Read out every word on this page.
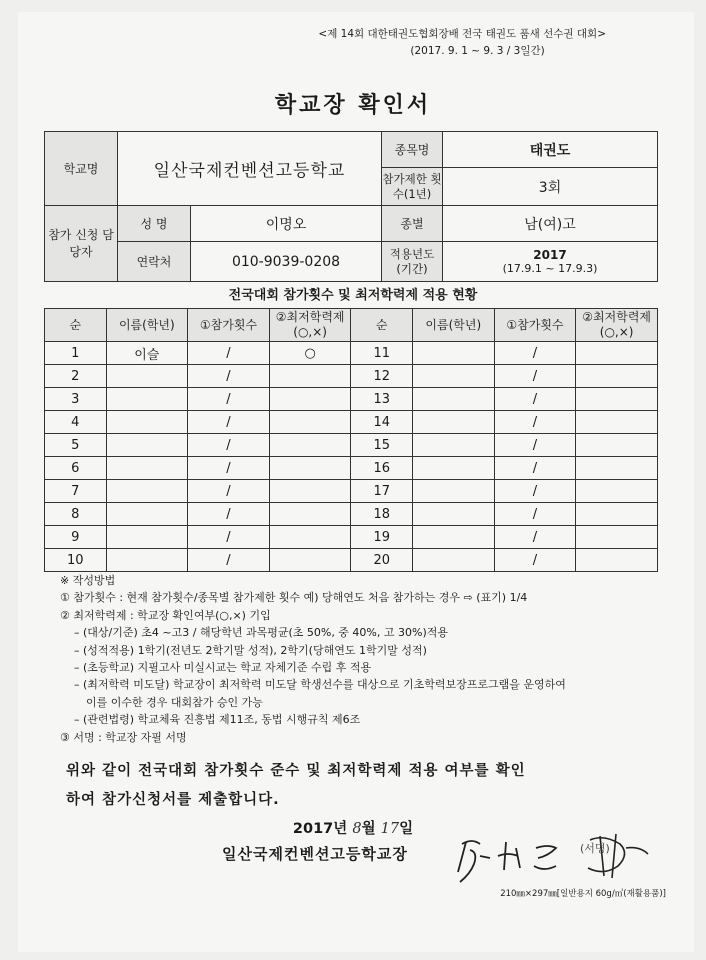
<제 14회 대한태권도협회장배 전국 태권도 품새 선수권 대회>
(2017. 9. 1 ~ 9. 3 / 3일간)
학교장 확인서
학교명	일산국제컨벤션고등학교		종목명	태권도
			참가제한 횟수(1년)	3회
참가 신청 담당자	성 명	이명오	종별	남(여)고
	연락처	010-9039-0208	적용년도 (기간)	2017
(17.9.1 ~ 17.9.3)
전국대회 참가횟수 및 최저학력제 적용 현황
순	이름(학년)	①참가횟수	②최저학력제 (○,×)	순	이름(학년)	①참가횟수	②최저학력제 (○,×)
1	이슬	/	○	11		/	
2		/		12		/	
3		/		13		/	
4		/		14		/	
5		/		15		/	
6		/		16		/	
7		/		17		/	
8		/		18		/	
9		/		19		/	
10		/		20		/	
※ 작성방법
① 참가횟수 : 현재 참가횟수/종목별 참가제한 횟수 예) 당해연도 처음 참가하는 경우 ⇨ (표기) 1/4
② 최저학력제 : 학교장 확인여부(○,×) 기입
– (대상/기준) 초4 ~고3 / 해당학년 과목평균(초 50%, 중 40%, 고 30%)적용
– (성적적용) 1학기(전년도 2학기말 성적), 2학기(당해연도 1학기말 성적)
– (초등학교) 지필고사 미실시교는 학교 자체기준 수립 후 적용
– (최저학력 미도달) 학교장이 최저학력 미도달 학생선수를 대상으로 기초학력보장프로그램을 운영하여
이를 이수한 경우 대회참가 승인 가능
– (관련법령) 학교체육 진흥법 제11조, 동법 시행규칙 제6조
③ 서명 : 학교장 자필 서명
위와 같이 전국대회 참가횟수 준수 및 최저학력제 적용 여부를 확인
하여 참가신청서를 제출합니다.
2017년 8월 17일
일산국제컨벤션고등학교장	(서명)
210㎜×297㎜[일반용지 60g/㎡(재활용품)]
